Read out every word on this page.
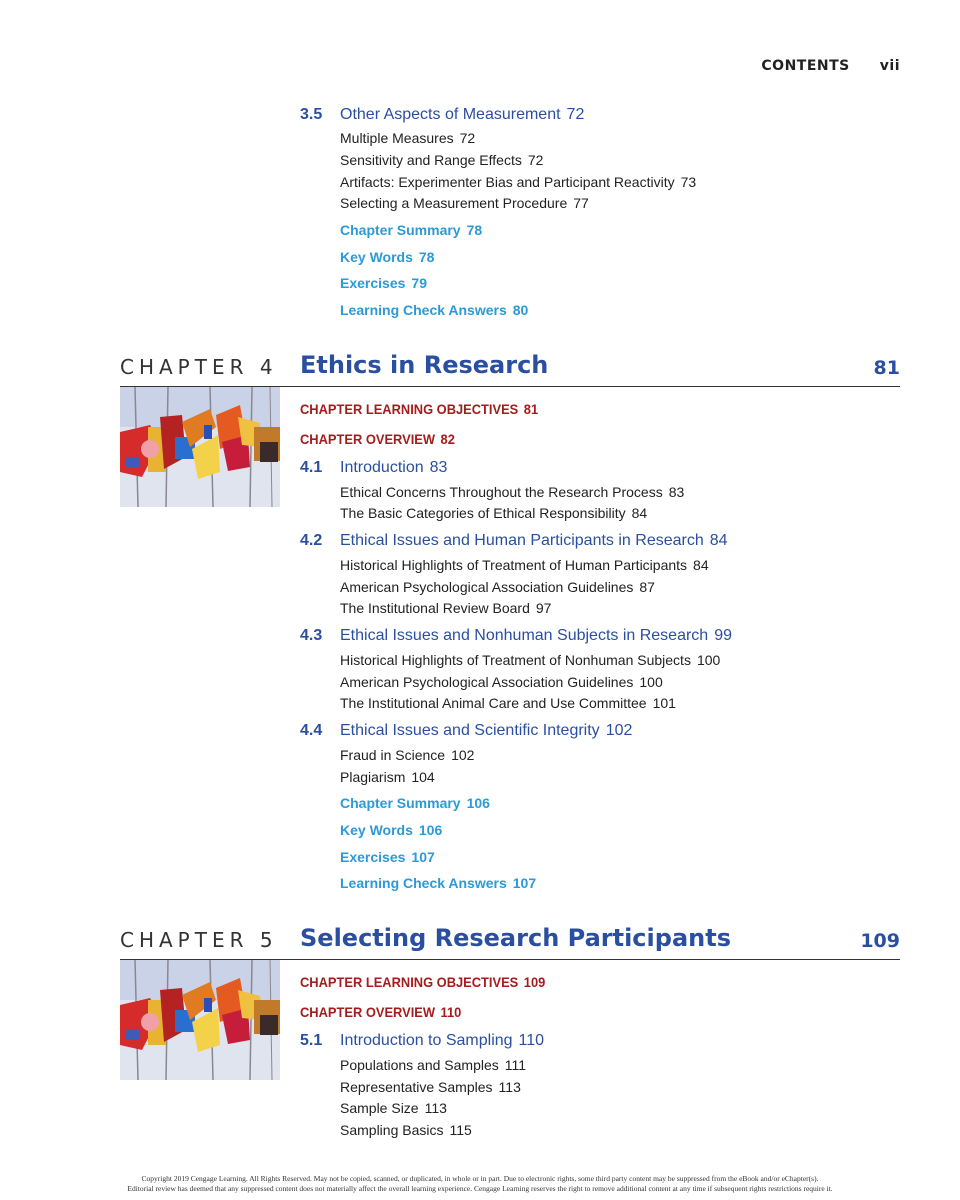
CONTENTS vii
3.5 Other Aspects of Measurement 72
Multiple Measures 72
Sensitivity and Range Effects 72
Artifacts: Experimenter Bias and Participant Reactivity 73
Selecting a Measurement Procedure 77
Chapter Summary 78
Key Words 78
Exercises 79
Learning Check Answers 80
CHAPTER 4 Ethics in Research	81
CHAPTER LEARNING OBJECTIVES 81
CHAPTER OVERVIEW 82
4.1 Introduction 83
Ethical Concerns Throughout the Research Process 83
The Basic Categories of Ethical Responsibility 84
4.2 Ethical Issues and Human Participants in Research 84
Historical Highlights of Treatment of Human Participants 84
American Psychological Association Guidelines 87
The Institutional Review Board 97
4.3 Ethical Issues and Nonhuman Subjects in Research 99
Historical Highlights of Treatment of Nonhuman Subjects 100
American Psychological Association Guidelines 100
The Institutional Animal Care and Use Committee 101
4.4 Ethical Issues and Scientific Integrity 102
Fraud in Science 102
Plagiarism 104
Chapter Summary 106
Key Words 106
Exercises 107
Learning Check Answers 107
CHAPTER 5 Selecting Research Participants	109
CHAPTER LEARNING OBJECTIVES 109
CHAPTER OVERVIEW 110
5.1 Introduction to Sampling 110
Populations and Samples 111
Representative Samples 113
Sample Size 113
Sampling Basics 115
Copyright 2019 Cengage Learning. All Rights Reserved. May not be copied, scanned, or duplicated, in whole or in part. Due to electronic rights, some third party content may be suppressed from the eBook and/or eChapter(s).
Editorial review has deemed that any suppressed content does not materially affect the overall learning experience. Cengage Learning reserves the right to remove additional content at any time if subsequent rights restrictions require it.
